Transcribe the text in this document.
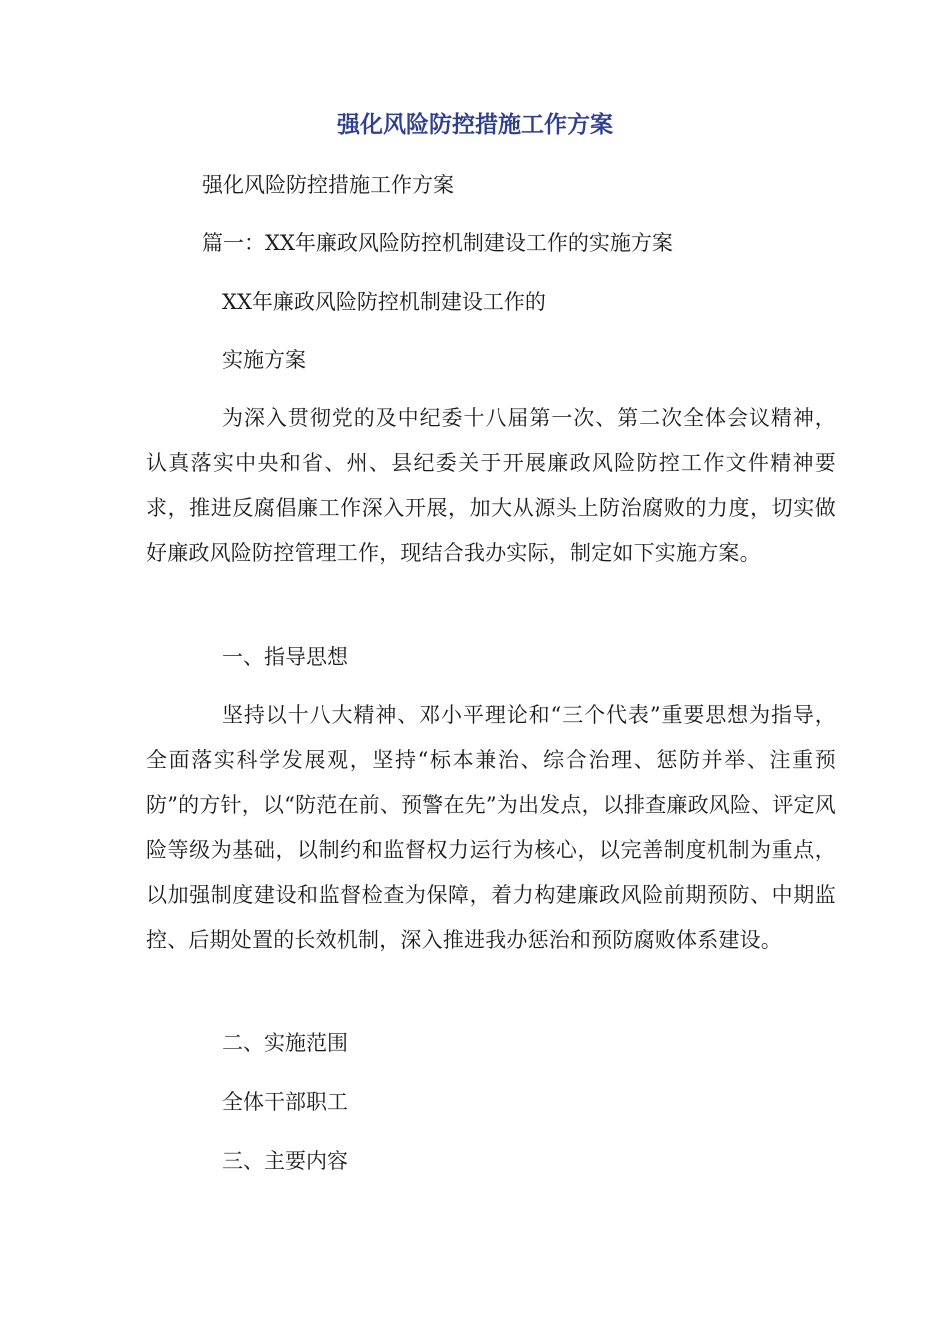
强化风险防控措施工作方案

强化风险防控措施工作方案

篇一：XX年廉政风险防控机制建设工作的实施方案

XX年廉政风险防控机制建设工作的

实施方案

为深入贯彻党的及中纪委十八届第一次、第二次全体会议精神，认真落实中央和省、州、县纪委关于开展廉政风险防控工作文件精神要求，推进反腐倡廉工作深入开展，加大从源头上防治腐败的力度，切实做好廉政风险防控管理工作，现结合我办实际，制定如下实施方案。

一、指导思想

坚持以十八大精神、邓小平理论和“三个代表”重要思想为指导，全面落实科学发展观，坚持“标本兼治、综合治理、惩防并举、注重预防”的方针，以“防范在前、预警在先”为出发点，以排查廉政风险、评定风险等级为基础，以制约和监督权力运行为核心，以完善制度机制为重点，以加强制度建设和监督检查为保障，着力构建廉政风险前期预防、中期监控、后期处置的长效机制，深入推进我办惩治和预防腐败体系建设。

二、实施范围

全体干部职工

三、主要内容
